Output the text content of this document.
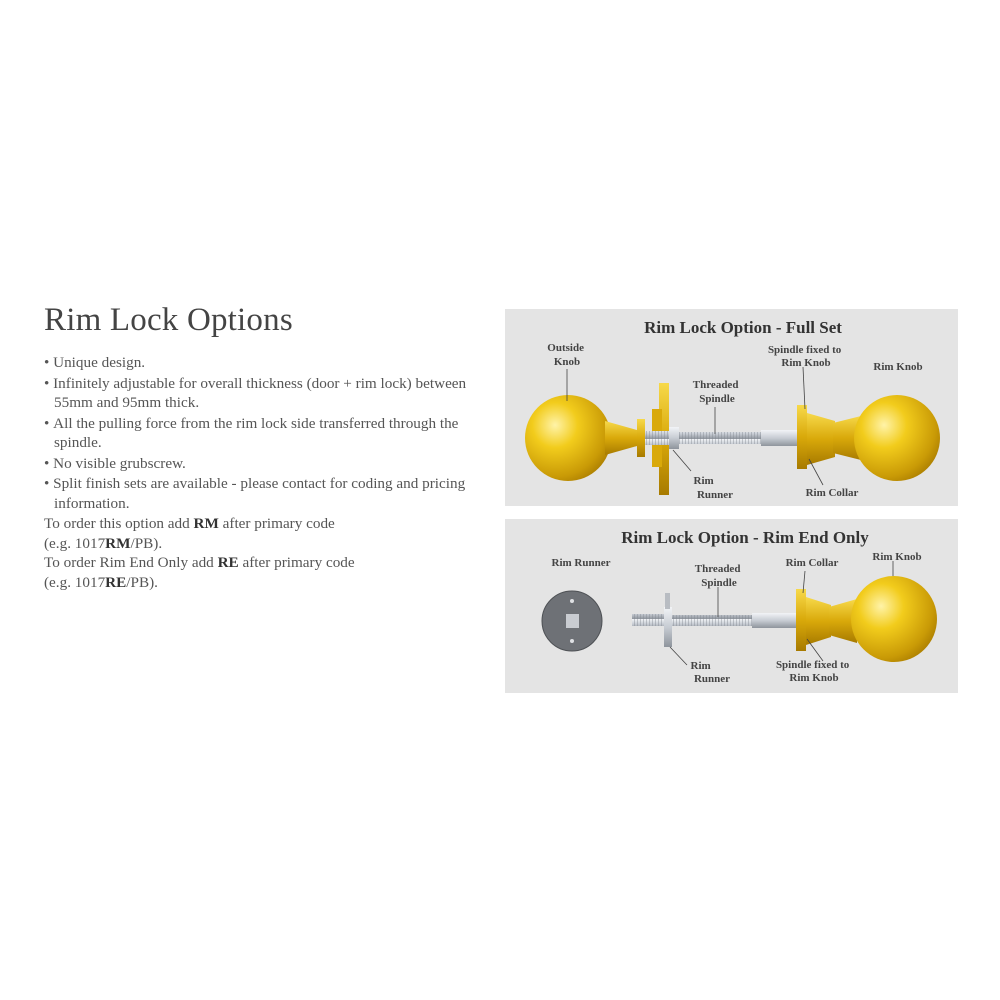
Rim Lock Options
• Unique design.
• Infinitely adjustable for overall thickness (door + rim lock) between 55mm and 95mm thick.
• All the pulling force from the rim lock side transferred through the spindle.
• No visible grubscrew.
• Split finish sets are available - please contact for coding and pricing information.
To order this option add RM after primary code
(e.g. 1017RM/PB).
To order Rim End Only add RE after primary code
(e.g. 1017RE/PB).
Rim Lock Option - Full Set
Outside Knob
Threaded Spindle
Spindle fixed to Rim Knob	Rim Knob
Rim Runner	Rim Collar
Rim Lock Option - Rim End Only
Rim Runner	Threaded Spindle
Rim Collar	Rim Knob
Rim Runner
Spindle fixed to Rim Knob
